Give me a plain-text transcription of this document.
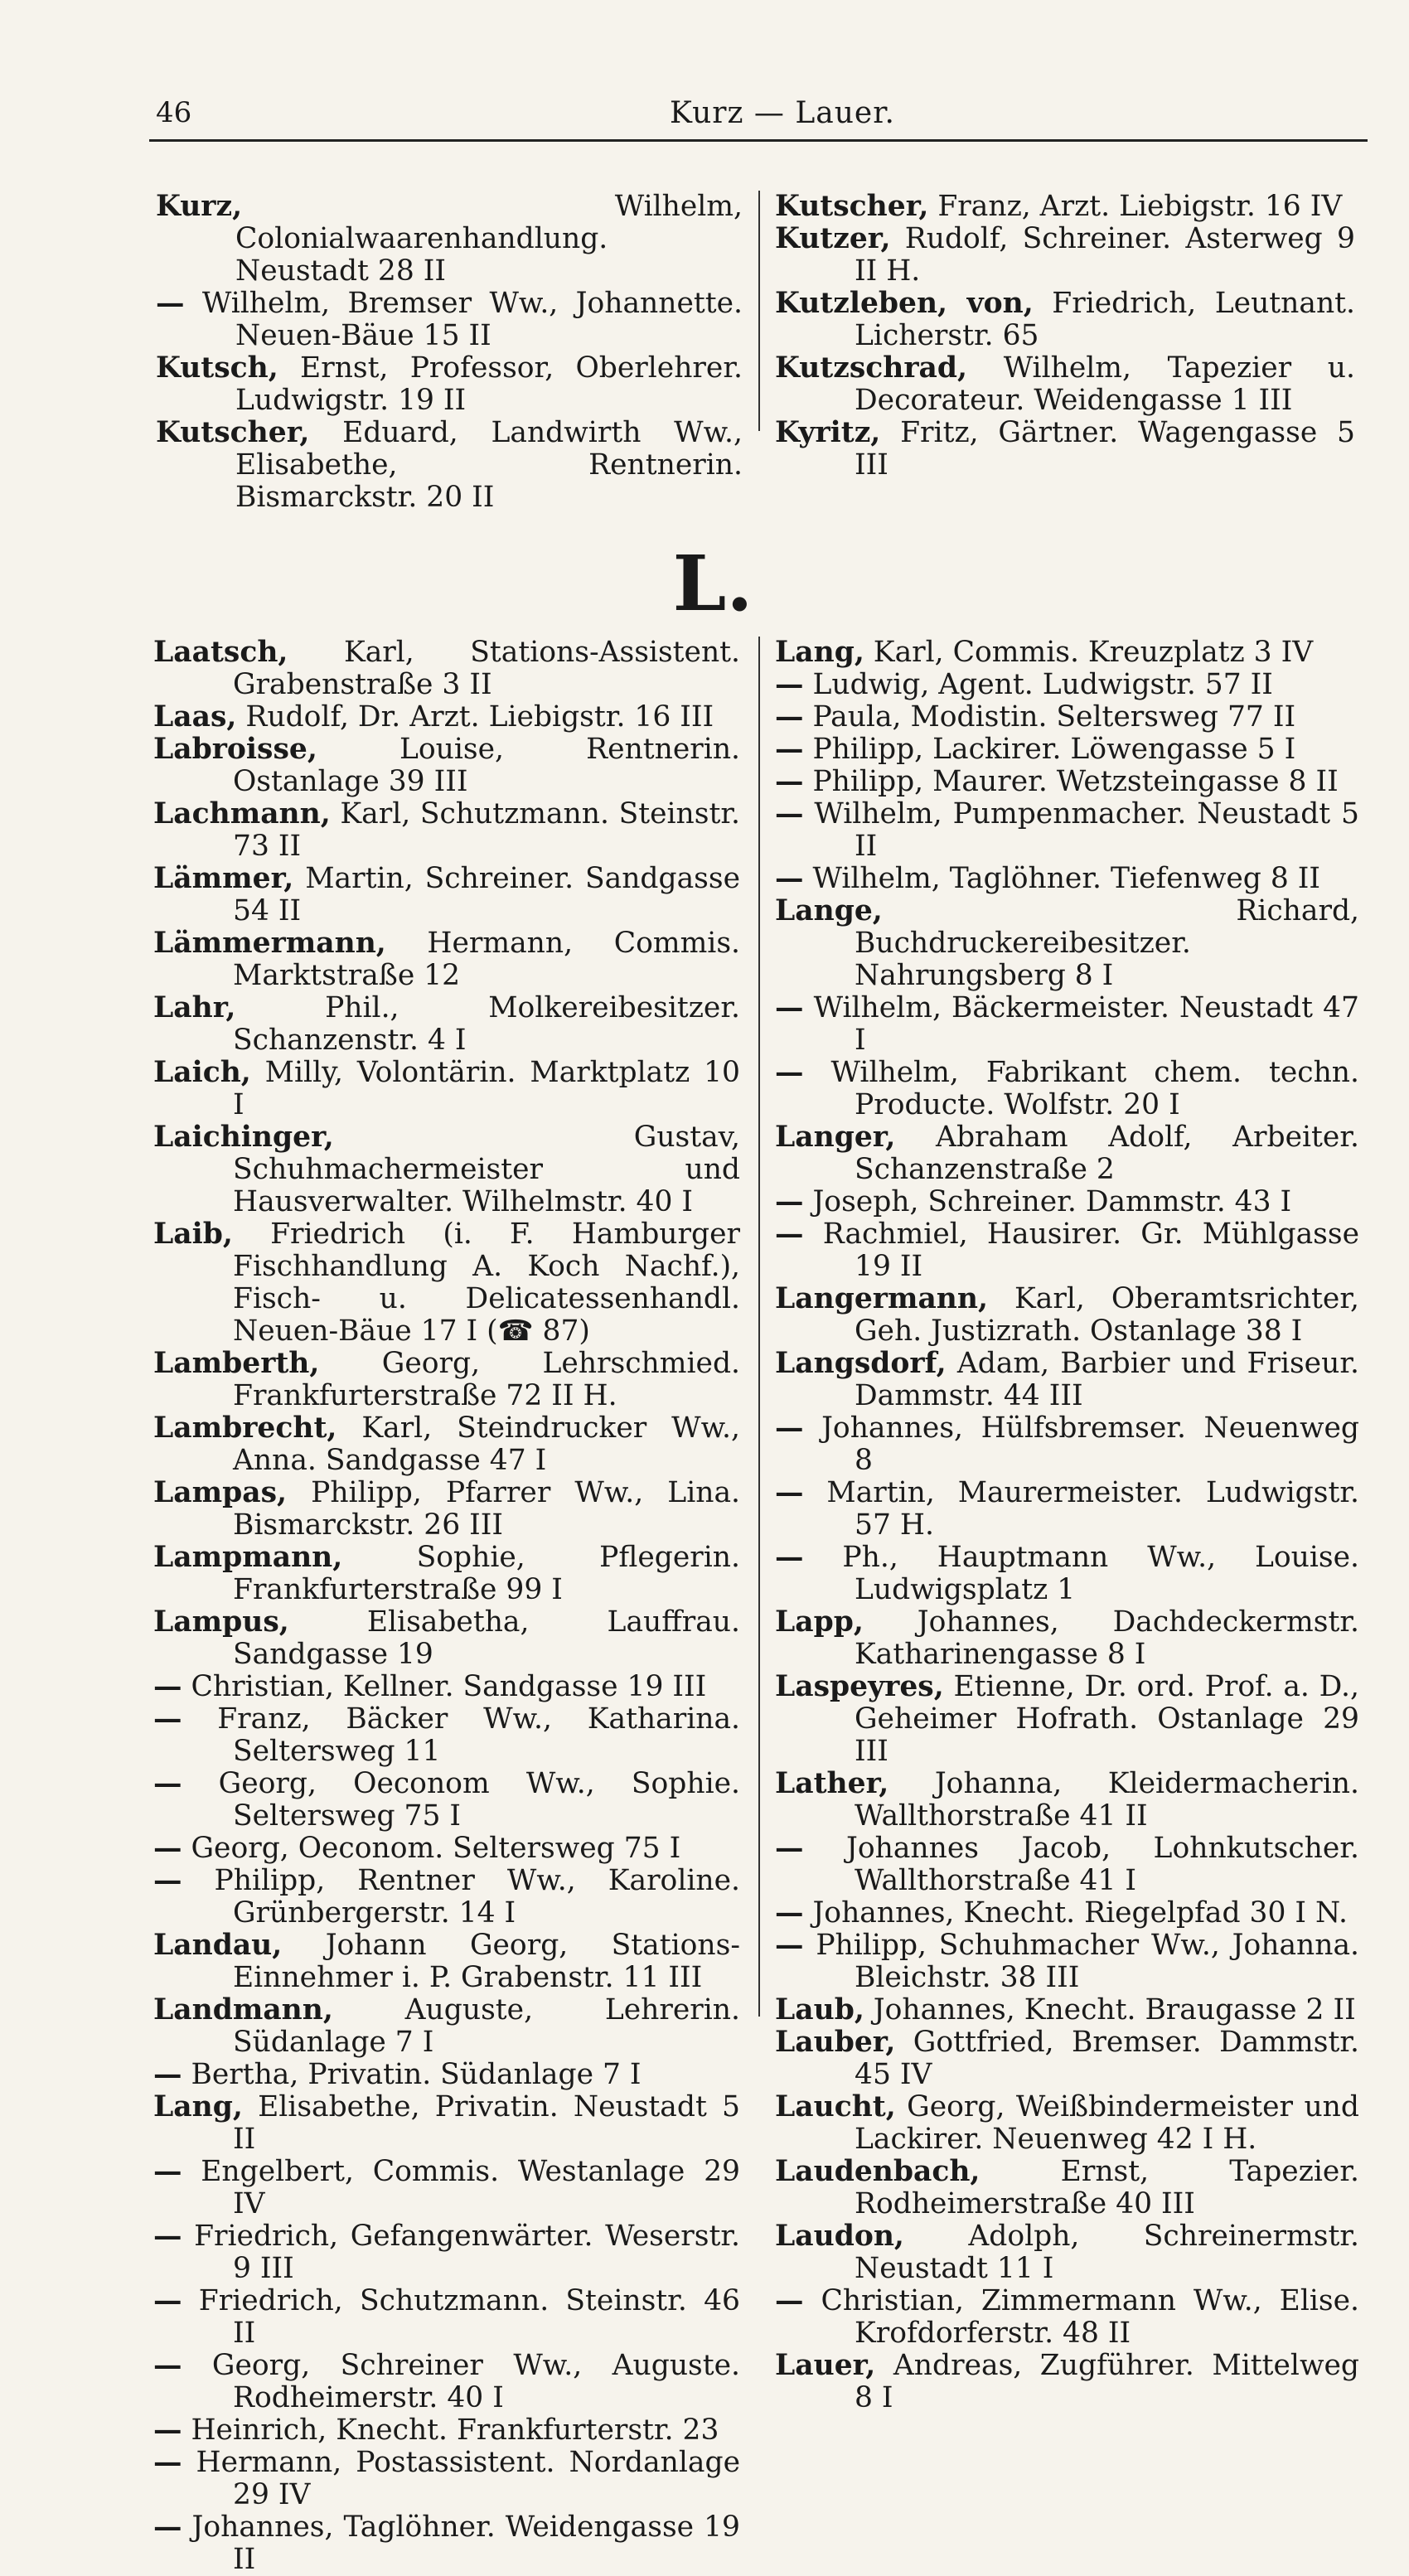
46	Kurz — Lauer.

Kurz, Wilhelm, Colonialwaarenhandlung. Neustadt 28 II

— Wilhelm, Bremser Ww., Johannette. Neuen-Bäue 15 II

Kutsch, Ernst, Professor, Oberlehrer. Ludwigstr. 19 II

Kutscher, Eduard, Landwirth Ww., Elisabethe, Rentnerin. Bismarckstr. 20 II

Kutscher, Franz, Arzt. Liebigstr. 16 IV

Kutzer, Rudolf, Schreiner. Asterweg 9 II H.

Kutzleben, von, Friedrich, Leutnant. Licherstr. 65

Kutzschrad, Wilhelm, Tapezier u. Decorateur. Weidengasse 1 III

Kyritz, Fritz, Gärtner. Wagengasse 5 III

L.

Laatsch, Karl, Stations-Assistent. Grabenstraße 3 II

Laas, Rudolf, Dr. Arzt. Liebigstr. 16 III

Labroisse, Louise, Rentnerin. Ostanlage 39 III

Lachmann, Karl, Schutzmann. Steinstr. 73 II

Lämmer, Martin, Schreiner. Sandgasse 54 II

Lämmermann, Hermann, Commis. Marktstraße 12

Lahr, Phil., Molkereibesitzer. Schanzenstr. 4 I

Laich, Milly, Volontärin. Marktplatz 10 I

Laichinger, Gustav, Schuhmachermeister und Hausverwalter. Wilhelmstr. 40 I

Laib, Friedrich (i. F. Hamburger Fischhandlung A. Koch Nachf.), Fisch- u. Delicatessenhandl. Neuen-Bäue 17 I (☎ 87)

Lamberth, Georg, Lehrschmied. Frankfurterstraße 72 II H.

Lambrecht, Karl, Steindrucker Ww., Anna. Sandgasse 47 I

Lampas, Philipp, Pfarrer Ww., Lina. Bismarckstr. 26 III

Lampmann, Sophie, Pflegerin. Frankfurterstraße 99 I

Lampus, Elisabetha, Lauffrau. Sandgasse 19

— Christian, Kellner. Sandgasse 19 III

— Franz, Bäcker Ww., Katharina. Seltersweg 11

— Georg, Oeconom Ww., Sophie. Seltersweg 75 I

— Georg, Oeconom. Seltersweg 75 I

— Philipp, Rentner Ww., Karoline. Grünbergerstr. 14 I

Landau, Johann Georg, Stations-Einnehmer i. P. Grabenstr. 11 III

Landmann, Auguste, Lehrerin. Südanlage 7 I

— Bertha, Privatin. Südanlage 7 I

Lang, Elisabethe, Privatin. Neustadt 5 II

— Engelbert, Commis. Westanlage 29 IV

— Friedrich, Gefangenwärter. Weserstr. 9 III

— Friedrich, Schutzmann. Steinstr. 46 II

— Georg, Schreiner Ww., Auguste. Rodheimerstr. 40 I

— Heinrich, Knecht. Frankfurterstr. 23

— Hermann, Postassistent. Nordanlage 29 IV

— Johannes, Taglöhner. Weidengasse 19 II

Lang, Karl, Commis. Kreuzplatz 3 IV

— Ludwig, Agent. Ludwigstr. 57 II

— Paula, Modistin. Seltersweg 77 II

— Philipp, Lackirer. Löwengasse 5 I

— Philipp, Maurer. Wetzsteingasse 8 II

— Wilhelm, Pumpenmacher. Neustadt 5 II

— Wilhelm, Taglöhner. Tiefenweg 8 II

Lange, Richard, Buchdruckereibesitzer. Nahrungsberg 8 I

— Wilhelm, Bäckermeister. Neustadt 47 I

— Wilhelm, Fabrikant chem. techn. Producte. Wolfstr. 20 I

Langer, Abraham Adolf, Arbeiter. Schanzenstraße 2

— Joseph, Schreiner. Dammstr. 43 I

— Rachmiel, Hausirer. Gr. Mühlgasse 19 II

Langermann, Karl, Oberamtsrichter, Geh. Justizrath. Ostanlage 38 I

Langsdorf, Adam, Barbier und Friseur. Dammstr. 44 III

— Johannes, Hülfsbremser. Neuenweg 8

— Martin, Maurermeister. Ludwigstr. 57 H.

— Ph., Hauptmann Ww., Louise. Ludwigsplatz 1

Lapp, Johannes, Dachdeckermstr. Katharinengasse 8 I

Laspeyres, Etienne, Dr. ord. Prof. a. D., Geheimer Hofrath. Ostanlage 29 III

Lather, Johanna, Kleidermacherin. Wallthorstraße 41 II

— Johannes Jacob, Lohnkutscher. Wallthorstraße 41 I

— Johannes, Knecht. Riegelpfad 30 I N.

— Philipp, Schuhmacher Ww., Johanna. Bleichstr. 38 III

Laub, Johannes, Knecht. Braugasse 2 II

Lauber, Gottfried, Bremser. Dammstr. 45 IV

Laucht, Georg, Weißbindermeister und Lackirer. Neuenweg 42 I H.

Laudenbach, Ernst, Tapezier. Rodheimerstraße 40 III

Laudon, Adolph, Schreinermstr. Neustadt 11 I

— Christian, Zimmermann Ww., Elise. Krofdorferstr. 48 II

Lauer, Andreas, Zugführer. Mittelweg 8 I
